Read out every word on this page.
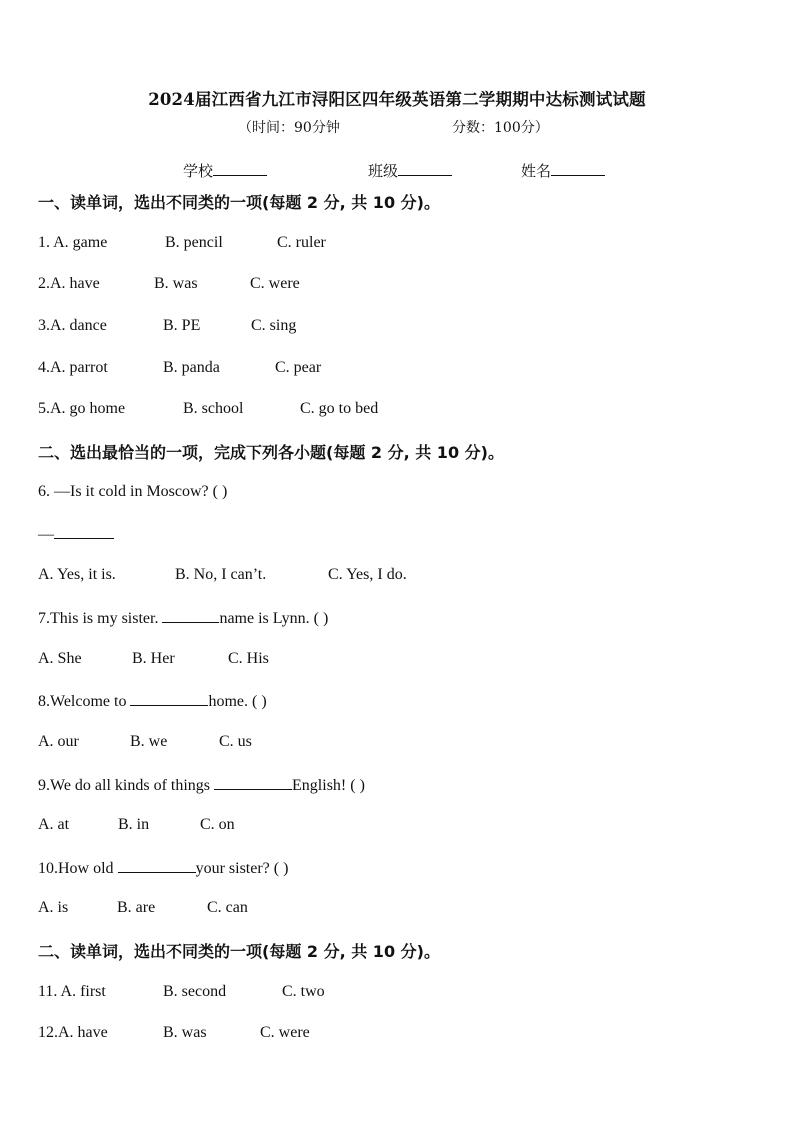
2024届江西省九江市浔阳区四年级英语第二学期期中达标测试试题
（时间：90分钟	分数：100分）
学校	班级	姓名
一、读单词，选出不同类的一项(每题 2 分, 共 10 分)。
1. A. game	B. pencil	C. ruler
2.A. have	B. was	C. were
3.A. dance	B. PE	C. sing
4.A. parrot	B. panda	C. pear
5.A. go home	B. school	C. go to bed
二、选出最恰当的一项，完成下列各小题(每题 2 分, 共 10 分)。
6. —Is it cold in Moscow? ( )
—
A. Yes, it is.	B. No, I can’t.	C. Yes, I do.
7.This is my sister.	name is Lynn. ( )
A. She	B. Her	C. His
8.Welcome to	home. ( )
A. our	B. we	C. us
9.We do all kinds of things	English! ( )
A. at	B. in	C. on
10.How old	your sister? ( )
A. is	B. are	C. can
二、读单词，选出不同类的一项(每题 2 分, 共 10 分)。
11. A. first	B. second	C. two
12.A. have	B. was	C. were
